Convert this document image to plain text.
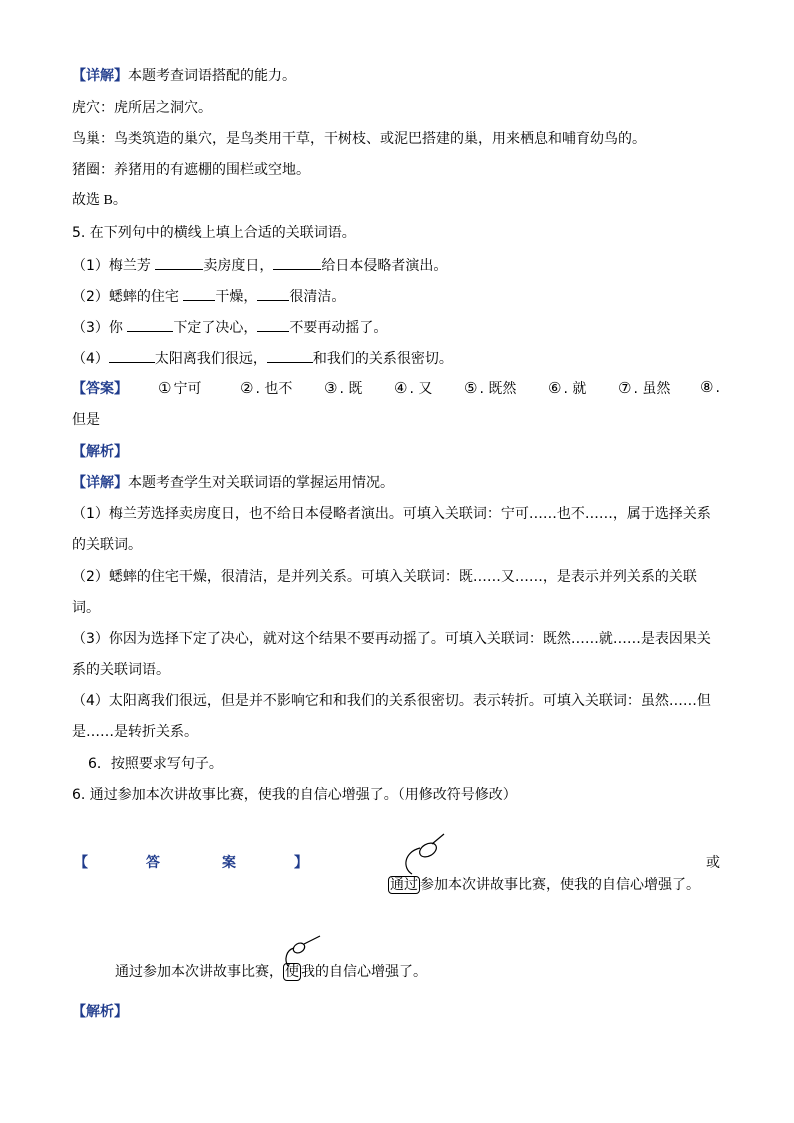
【详解】本题考查词语搭配的能力。
虎穴：虎所居之洞穴。
鸟巢：鸟类筑造的巢穴，是鸟类用干草，干树枝、或泥巴搭建的巢，用来栖息和哺育幼鸟的。
猪圈：养猪用的有遮棚的围栏或空地。
故选 B。
5. 在下列句中的横线上填上合适的关联词语。
（1）梅兰芳	卖房度日，	给日本侵略者演出。
（2）蟋蟀的住宅	干燥， 很清洁。
（3）你	下定了决心， 不要再动摇了。
（4）	太阳离我们很远，	和我们的关系很密切。
【答案】 ① 宁可	② . 也不 ③ . 既 ④ . 又 ⑤ . 既然 ⑥ . 就 ⑦ . 虽然 ⑧ .
但是
【解析】
【详解】本题考查学生对关联词语的掌握运用情况。
（1）梅兰芳选择卖房度日，也不给日本侵略者演出。可填入关联词：宁可……也不……，属于选择关系
的关联词。
（2）蟋蟀的住宅干燥，很清洁，是并列关系。可填入关联词：既……又……，是表示并列关系的关联
词。
（3）你因为选择下定了决心，就对这个结果不要再动摇了。可填入关联词：既然……就……是表因果关
系的关联词语。
（4）太阳离我们很远，但是并不影响它和和我们的关系很密切。表示转折。可填入关联词：虽然……但
是……是转折关系。
6．按照要求写句子。
6. 通过参加本次讲故事比赛，使我的自信心增强了。（用修改符号修改）
【	答	案	】	或
通过 参加本次讲故事比赛，使我的自信心增强了。
通过参加本次讲故事比赛， 使 我的自信心增强了。
【解析】
